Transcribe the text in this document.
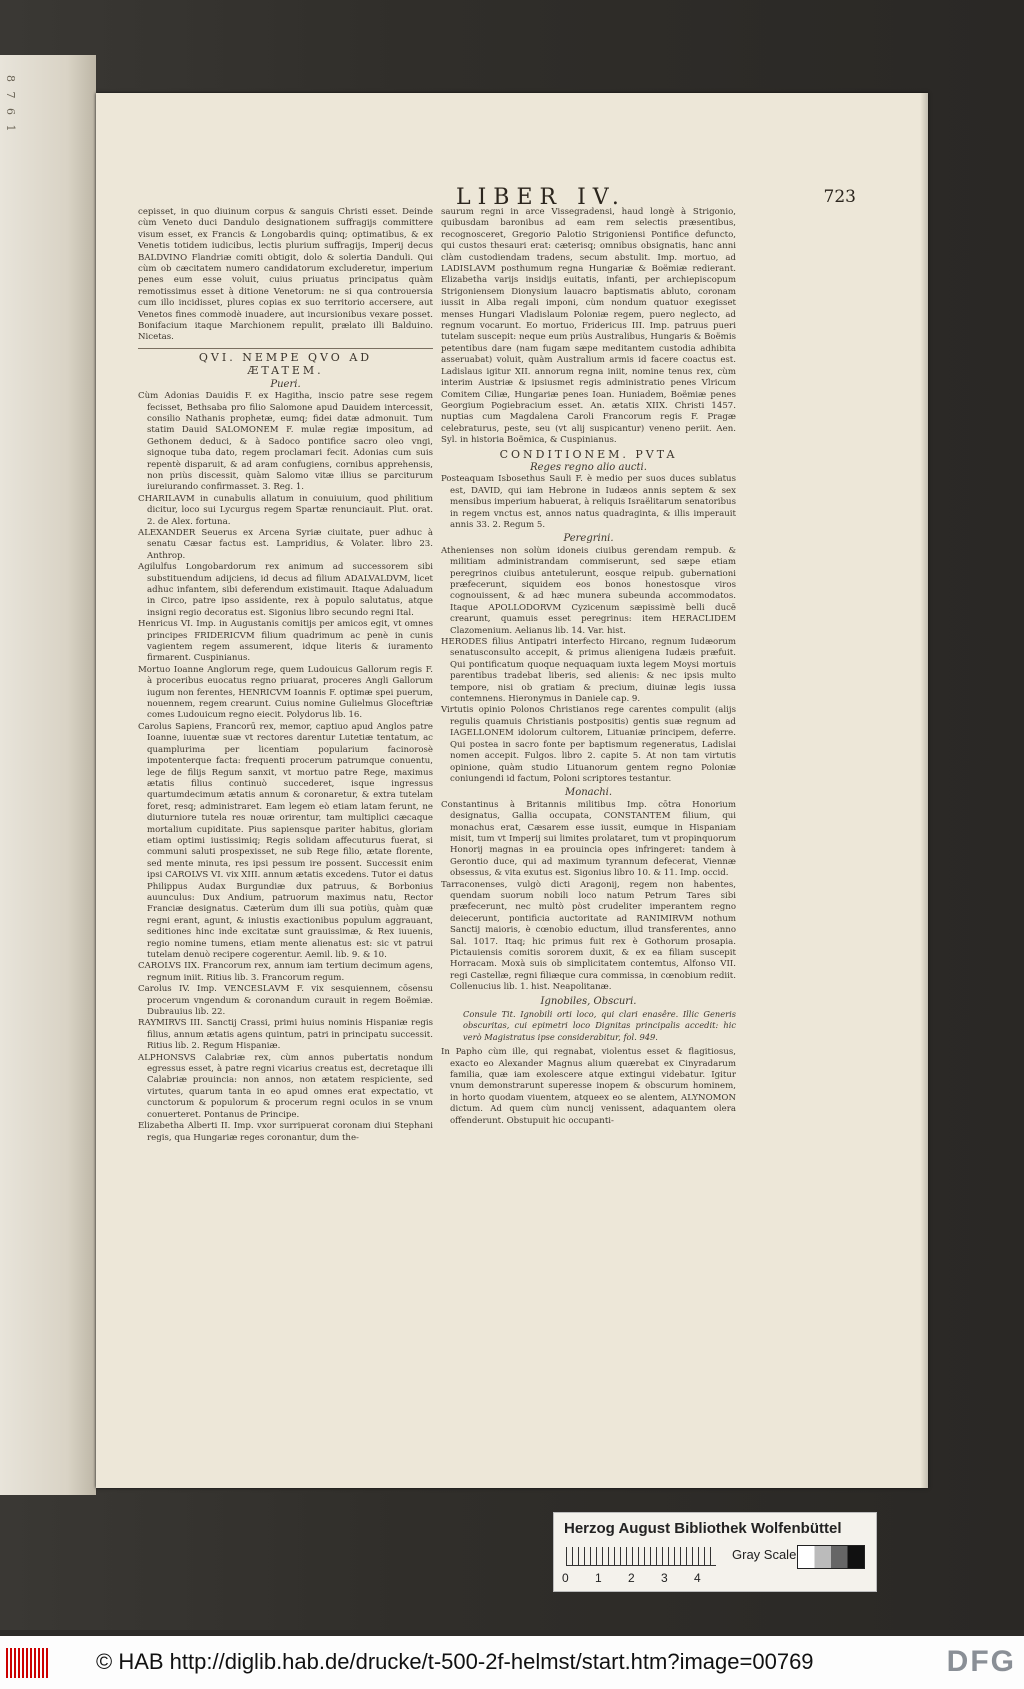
8 7 6 1
LIBER IV.	723

cepisset, in quo diuinum corpus & sanguis Christi esset. Deinde cùm Veneto duci Dandulo designationem suffragijs committere visum esset, ex Francis & Longobardis quinq; optimatibus, & ex Venetis totidem iudicibus, lectis plurium suffragijs, Imperij decus BALDVINO Flandriæ comiti obtigit, dolo & solertia Danduli. Qui cùm ob cæcitatem numero candidatorum excluderetur, imperium penes eum esse voluit, cuius priuatus principatus quàm remotissimus esset à ditione Venetorum: ne si qua controuersia cum illo incidisset, plures copias ex suo territorio accersere, aut Venetos fines commodè inuadere, aut incursionibus vexare posset. Bonifacium itaque Marchionem repulit, prælato illi Balduino. Nicetas.

QVI. NEMPE QVO AD

ÆTATEM.

Pueri.

Cùm Adonias Dauidis F. ex Hagitha, inscio patre sese regem fecisset, Bethsaba pro filio Salomone apud Dauidem intercessit, consilio Nathanis prophetæ, eumq; fidei datæ admonuit. Tum statim Dauid SALOMONEM F. mulæ regiæ impositum, ad Gethonem deduci, & à Sadoco pontifice sacro oleo vngi, signoque tuba dato, regem proclamari fecit. Adonias cum suis repentè disparuit, & ad aram confugiens, cornibus apprehensis, non priùs discessit, quàm Salomo vitæ illius se parciturum iureiurando confirmasset. 3. Reg. 1.

CHARILAVM in cunabulis allatum in conuiuium, quod philitium dicitur, loco sui Lycurgus regem Spartæ renunciauit. Plut. orat. 2. de Alex. fortuna.

ALEXANDER Seuerus ex Arcena Syriæ ciuitate, puer adhuc à senatu Cæsar factus est. Lampridius, & Volater. libro 23. Anthrop.

Agilulfus Longobardorum rex animum ad successorem sibi substituendum adijciens, id decus ad filium ADALVALDVM, licet adhuc infantem, sibi deferendum existimauit. Itaque Adaluadum in Circo, patre ipso assidente, rex à populo salutatus, atque insigni regio decoratus est. Sigonius libro secundo regni Ital.

Henricus VI. Imp. in Augustanis comitijs per amicos egit, vt omnes principes FRIDERICVM filium quadrimum ac penè in cunis vagientem regem assumerent, idque literis & iuramento firmarent. Cuspinianus.

Mortuo Ioanne Anglorum rege, quem Ludouicus Gallorum regis F. à proceribus euocatus regno priuarat, proceres Angli Gallorum iugum non ferentes, HENRICVM Ioannis F. optimæ spei puerum, nouennem, regem crearunt. Cuius nomine Gulielmus Gloceftriæ comes Ludouicum regno eiecit. Polydorus lib. 16.

Carolus Sapiens, Francorū rex, memor, captiuo apud Anglos patre Ioanne, iuuentæ suæ vt rectores darentur Lutetiæ tentatum, ac quamplurima per licentiam popularium facinorosè impotenterque facta: frequenti procerum patrumque conuentu, lege de filijs Regum sanxit, vt mortuo patre Rege, maximus ætatis filius continuò succederet, isque ingressus quartumdecimum ætatis annum & coronaretur, & extra tutelam foret, resq; administraret. Eam legem eò etiam latam ferunt, ne diuturniore tutela res nouæ orirentur, tam multiplici cæcaque mortalium cupiditate. Pius sapiensque pariter habitus, gloriam etiam optimi iustissimiq; Regis solidam affecuturus fuerat, si communi saluti prospexisset, ne sub Rege filio, ætate florente, sed mente minuta, res ipsi pessum ire possent. Successit enim ipsi CAROLVS VI. vix XIII. annum ætatis excedens. Tutor ei datus Philippus Audax Burgundiæ dux patruus, & Borbonius auunculus: Dux Andium, patruorum maximus natu, Rector Franciæ designatus. Cæterùm dum illi sua potiùs, quàm quæ regni erant, agunt, & iniustis exactionibus populum aggrauant, seditiones hinc inde excitatæ sunt grauissimæ, & Rex iuuenis, regio nomine tumens, etiam mente alienatus est: sic vt patrui tutelam denuò recipere cogerentur. Aemil. lib. 9. & 10.

CAROLVS IIX. Francorum rex, annum iam tertium decimum agens, regnum iniit. Ritius lib. 3. Francorum regum.

Carolus IV. Imp. VENCESLAVM F. vix sesquiennem, cōsensu procerum vngendum & coronandum curauit in regem Boëmiæ. Dubrauius lib. 22.

RAYMIRVS III. Sanctij Crassi, primi huius nominis Hispaniæ regis filius, annum ætatis agens quintum, patri in principatu successit. Ritius lib. 2. Regum Hispaniæ.

ALPHONSVS Calabriæ rex, cùm annos pubertatis nondum egressus esset, à patre regni vicarius creatus est, decretaque illi Calabriæ prouincia: non annos, non ætatem respiciente, sed virtutes, quarum tanta in eo apud omnes erat expectatio, vt cunctorum & populorum & procerum regni oculos in se vnum conuerteret. Pontanus de Principe.

Elizabetha Alberti II. Imp. vxor surripuerat coronam diui Stephani regis, qua Hungariæ reges coronantur, dum the-

saurum regni in arce Vissegradensi, haud longè à Strigonio, quibusdam baronibus ad eam rem selectis præsentibus, recognosceret, Gregorio Palotio Strigoniensi Pontifice defuncto, qui custos thesauri erat: cæterisq; omnibus obsignatis, hanc anni clàm custodiendam tradens, secum abstulit. Imp. mortuo, ad LADISLAVM posthumum regna Hungariæ & Boëmiæ redierant. Elizabetha varijs insidijs euitatis, infanti, per archiepiscopum Strigoniensem Dionysium lauacro baptismatis abluto, coronam iussit in Alba regali imponi, cùm nondum quatuor exegisset menses Hungari Vladislaum Poloniæ regem, puero neglecto, ad regnum vocarunt. Eo mortuo, Fridericus III. Imp. patruus pueri tutelam suscepit: neque eum priùs Australibus, Hungaris & Boëmis petentibus dare (nam fugam sæpe meditantem custodia adhibita asseruabat) voluit, quàm Australium armis id facere coactus est. Ladislaus igitur XII. annorum regna iniit, nomine tenus rex, cùm interim Austriæ & ipsiusmet regis administratio penes Vlricum Comitem Ciliæ, Hungariæ penes Ioan. Huniadem, Boëmiæ penes Georgium Pogiebracium esset. An. ætatis XIIX. Christi 1457. nuptias cum Magdalena Caroli Francorum regis F. Pragæ celebraturus, peste, seu (vt alij suspicantur) veneno periit. Aen. Syl. in historia Boëmica, & Cuspinianus.

CONDITIONEM. PVTA

Reges regno alio aucti.

Posteaquam Isbosethus Sauli F. è medio per suos duces sublatus est, DAVID, qui iam Hebrone in Iudæos annis septem & sex mensibus imperium habuerat, à reliquis Israëlitarum senatoribus in regem vnctus est, annos natus quadraginta, & illis imperauit annis 33. 2. Regum 5.

Peregrini.

Athenienses non solùm idoneis ciuibus gerendam rempub. & militiam administrandam commiserunt, sed sæpe etiam peregrinos ciuibus antetulerunt, eosque reipub. gubernationi præfecerunt, siquidem eos bonos honestosque viros cognouissent, & ad hæc munera subeunda accommodatos. Itaque APOLLODORVM Cyzicenum sæpissimè belli ducē crearunt, quamuis esset peregrinus: item HERACLIDEM Clazomenium. Aelianus lib. 14. Var. hist.

HERODES filius Antipatri interfecto Hircano, regnum Iudæorum senatusconsulto accepit, & primus alienigena Iudæis præfuit. Qui pontificatum quoque nequaquam iuxta legem Moysi mortuis parentibus tradebat liberis, sed alienis: & nec ipsis multo tempore, nisi ob gratiam & precium, diuinæ legis iussa contemnens. Hieronymus in Daniele cap. 9.

Virtutis opinio Polonos Christianos rege carentes compulit (alijs regulis quamuis Christianis postpositis) gentis suæ regnum ad IAGELLONEM idolorum cultorem, Lituaniæ principem, deferre. Qui postea in sacro fonte per baptismum regeneratus, Ladislai nomen accepit. Fulgos. libro 2. capite 5. At non tam virtutis opinione, quàm studio Lituanorum gentem regno Poloniæ coniungendi id factum, Poloni scriptores testantur.

Monachi.

Constantinus à Britannis militibus Imp. cōtra Honorium designatus, Gallia occupata, CONSTANTEM filium, qui monachus erat, Cæsarem esse iussit, eumque in Hispaniam misit, tum vt Imperij sui limites prolataret, tum vt propinquorum Honorij magnas in ea prouincia opes infringeret: tandem à Gerontio duce, qui ad maximum tyrannum defecerat, Viennæ obsessus, & vita exutus est. Sigonius libro 10. & 11. Imp. occid.

Tarraconenses, vulgò dicti Aragonij, regem non habentes, quendam suorum nobili loco natum Petrum Tares sibi præfecerunt, nec multò pòst crudeliter imperantem regno deiecerunt, pontificia auctoritate ad RANIMIRVM nothum Sanctij maioris, è cœnobio eductum, illud transferentes, anno Sal. 1017. Itaq; hic primus fuit rex è Gothorum prosapia. Pictauiensis comitis sororem duxit, & ex ea filiam suscepit Horracam. Moxà suis ob simplicitatem contemtus, Alfonso VII. regi Castellæ, regni filiæque cura commissa, in cœnobium rediit. Collenucius lib. 1. hist. Neapolitanæ.

Ignobiles, Obscuri.

Consule Tit. Ignobili orti loco, qui clari enasêre. Illic Generis obscuritas, cui epimetri loco Dignitas principalis accedit: hic verò Magistratus ipse considerabitur, fol. 949.

In Papho cùm ille, qui regnabat, violentus esset & flagitiosus, exacto eo Alexander Magnus alium quærebat ex Cinyradarum familia, quæ iam exolescere atque extingui videbatur. Igitur vnum demonstrarunt superesse inopem & obscurum hominem, in horto quodam viuentem, atqueex eo se alentem, ALYNOMON dictum. Ad quem cùm nuncij venissent, adaquantem olera offenderunt. Obstupuit hic occupanti-

Herzog August Bibliothek Wolfenbüttel
0 1 2 3 4
Gray Scale
© HAB http://diglib.hab.de/drucke/t-500-2f-helmst/start.htm?image=00769	DFG
